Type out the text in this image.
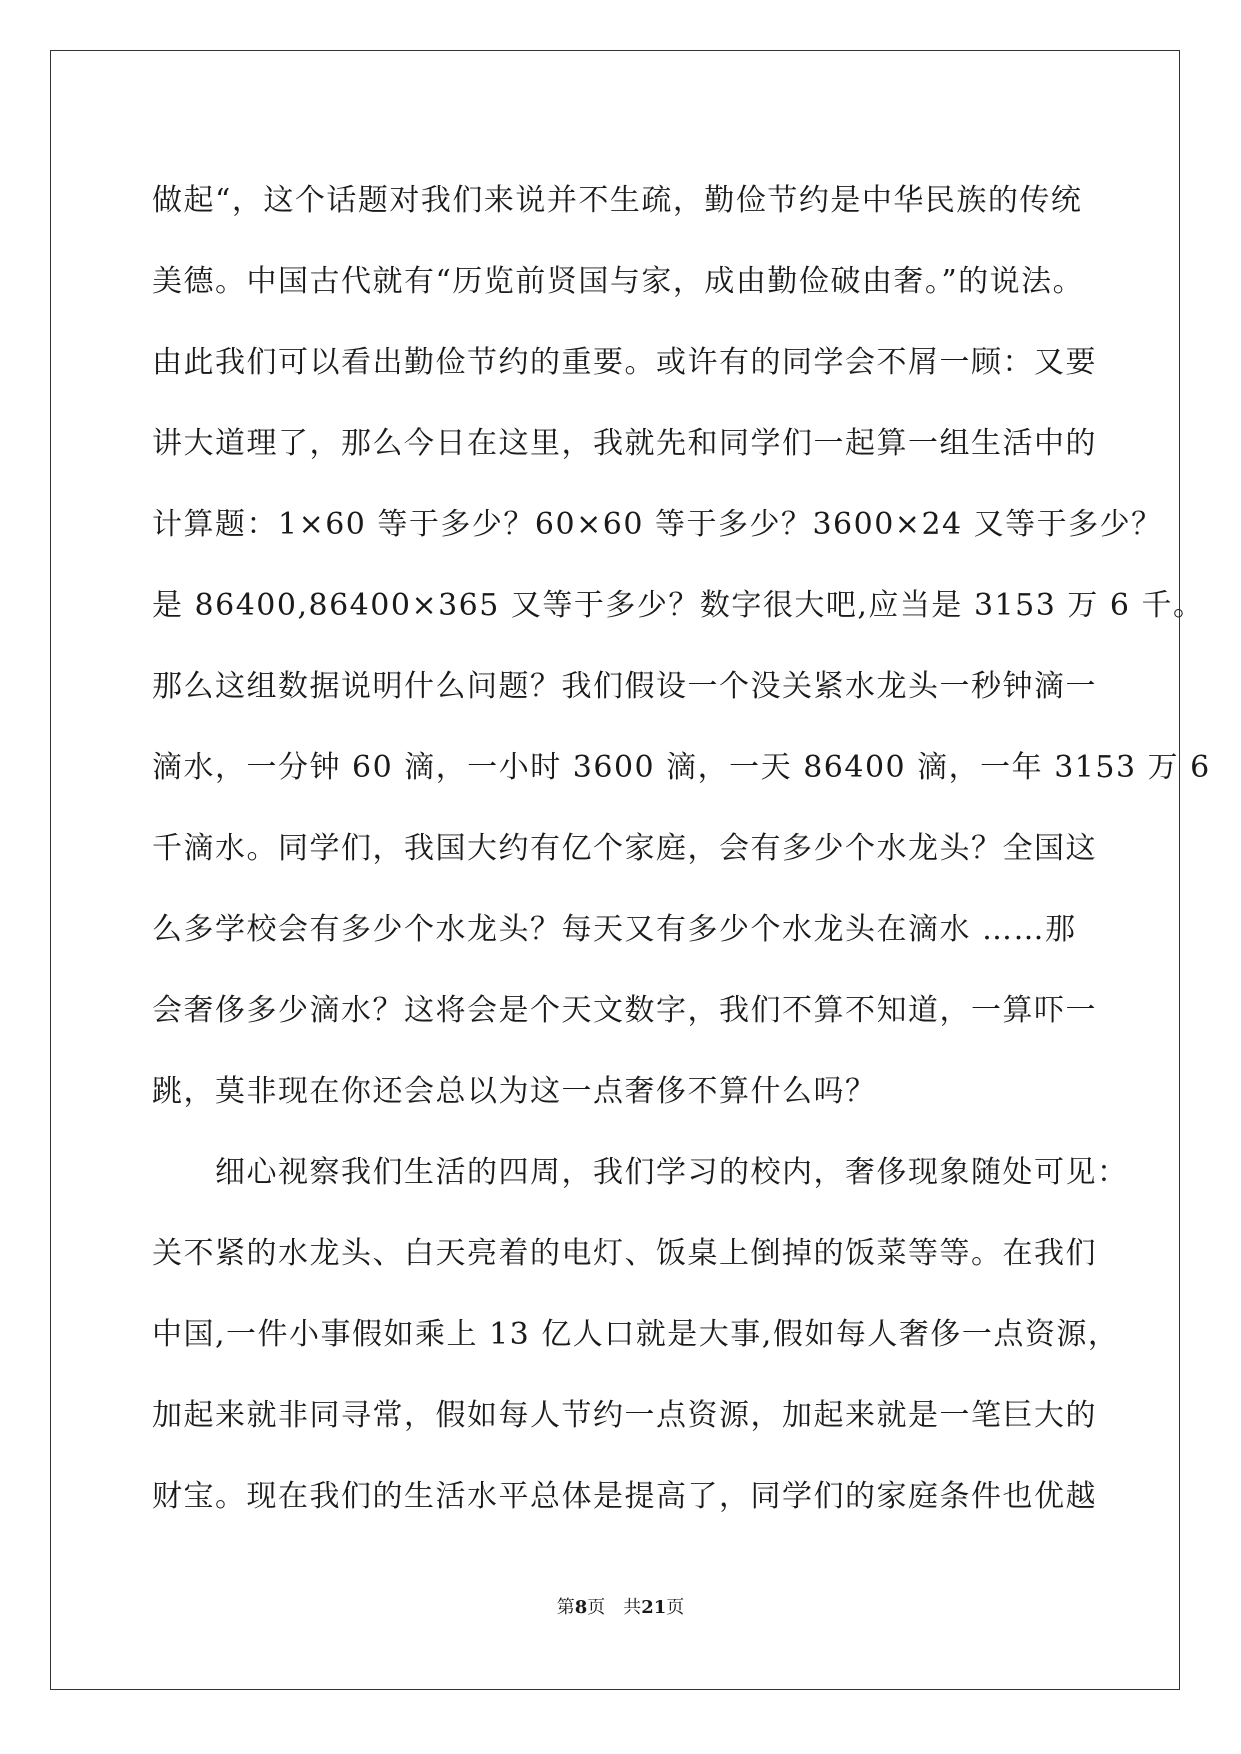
做起“，这个话题对我们来说并不生疏，勤俭节约是中华民族的传统
美德。中国古代就有“历览前贤国与家，成由勤俭破由奢。”的说法。
由此我们可以看出勤俭节约的重要。或许有的同学会不屑一顾：又要
讲大道理了，那么今日在这里，我就先和同学们一起算一组生活中的
计算题：1×60 等于多少？60×60 等于多少？3600×24 又等于多少？
是 86400,86400×365 又等于多少？数字很大吧,应当是 3153 万 6 千。
那么这组数据说明什么问题？我们假设一个没关紧水龙头一秒钟滴一
滴水，一分钟 60 滴，一小时 3600 滴，一天 86400 滴，一年 3153 万 6
千滴水。同学们，我国大约有亿个家庭，会有多少个水龙头？全国这
么多学校会有多少个水龙头？每天又有多少个水龙头在滴水 ……那
会奢侈多少滴水？这将会是个天文数字，我们不算不知道，一算吓一
跳，莫非现在你还会总以为这一点奢侈不算什么吗？
　　细心视察我们生活的四周，我们学习的校内，奢侈现象随处可见：
关不紧的水龙头、白天亮着的电灯、饭桌上倒掉的饭菜等等。在我们
中国,一件小事假如乘上 13 亿人口就是大事,假如每人奢侈一点资源，
加起来就非同寻常，假如每人节约一点资源，加起来就是一笔巨大的
财宝。现在我们的生活水平总体是提高了，同学们的家庭条件也优越
第8页 共21页
